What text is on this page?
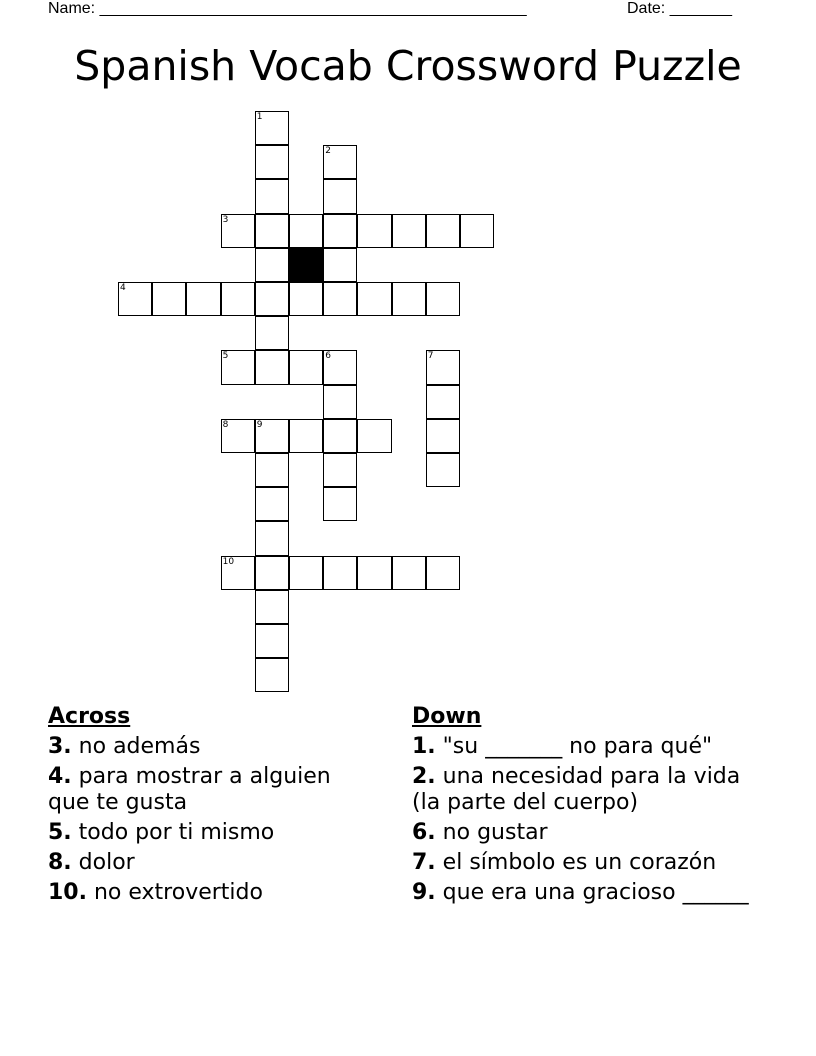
Name: ________________________________________________	Date: _______
Spanish Vocab Crossword Puzzle
1
2
3
4
5	6	7
8	9
10
Across
3. no además
4. para mostrar a alguien que te gusta
5. todo por ti mismo
8. dolor
10. no extrovertido
Down
1. "su _______ no para qué"
2. una necesidad para la vida (la parte del cuerpo)
6. no gustar
7. el símbolo es un corazón
9. que era una gracioso ______
